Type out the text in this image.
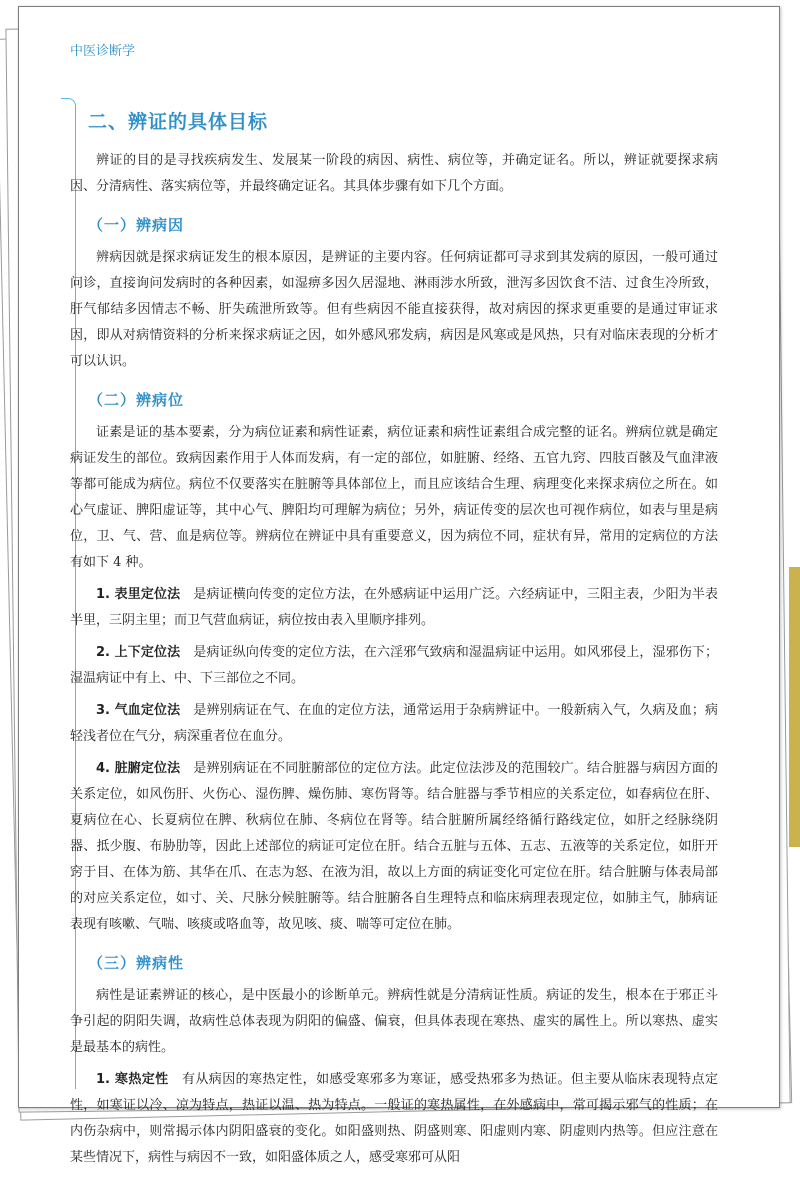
中医诊断学
二、辨证的具体目标

辨证的目的是寻找疾病发生、发展某一阶段的病因、病性、病位等，并确定证名。所以，辨证就要探求病因、分清病性、落实病位等，并最终确定证名。其具体步骤有如下几个方面。

（一）辨病因

辨病因就是探求病证发生的根本原因，是辨证的主要内容。任何病证都可寻求到其发病的原因，一般可通过问诊，直接询问发病时的各种因素，如湿痹多因久居湿地、淋雨涉水所致，泄泻多因饮食不洁、过食生冷所致，肝气郁结多因情志不畅、肝失疏泄所致等。但有些病因不能直接获得，故对病因的探求更重要的是通过审证求因，即从对病情资料的分析来探求病证之因，如外感风邪发病，病因是风寒或是风热，只有对临床表现的分析才可以认识。

（二）辨病位

证素是证的基本要素，分为病位证素和病性证素，病位证素和病性证素组合成完整的证名。辨病位就是确定病证发生的部位。致病因素作用于人体而发病，有一定的部位，如脏腑、经络、五官九窍、四肢百骸及气血津液等都可能成为病位。病位不仅要落实在脏腑等具体部位上，而且应该结合生理、病理变化来探求病位之所在。如心气虚证、脾阳虚证等，其中心气、脾阳均可理解为病位；另外，病证传变的层次也可视作病位，如表与里是病位，卫、气、营、血是病位等。辨病位在辨证中具有重要意义，因为病位不同，症状有异，常用的定病位的方法有如下 4 种。

1. 表里定位法　 是病证横向传变的定位方法，在外感病证中运用广泛。六经病证中，三阳主表，少阳为半表半里，三阴主里；而卫气营血病证，病位按由表入里顺序排列。

2. 上下定位法　 是病证纵向传变的定位方法，在六淫邪气致病和湿温病证中运用。如风邪侵上，湿邪伤下；湿温病证中有上、中、下三部位之不同。

3. 气血定位法　 是辨别病证在气、在血的定位方法，通常运用于杂病辨证中。一般新病入气，久病及血；病轻浅者位在气分，病深重者位在血分。

4. 脏腑定位法　 是辨别病证在不同脏腑部位的定位方法。此定位法涉及的范围较广。结合脏器与病因方面的关系定位，如风伤肝、火伤心、湿伤脾、燥伤肺、寒伤肾等。结合脏器与季节相应的关系定位，如春病位在肝、夏病位在心、长夏病位在脾、秋病位在肺、冬病位在肾等。结合脏腑所属经络循行路线定位，如肝之经脉绕阴器、抵少腹、布胁肋等，因此上述部位的病证可定位在肝。结合五脏与五体、五志、五液等的关系定位，如肝开窍于目、在体为筋、其华在爪、在志为怒、在液为泪，故以上方面的病证变化可定位在肝。结合脏腑与体表局部的对应关系定位，如寸、关、尺脉分候脏腑等。结合脏腑各自生理特点和临床病理表现定位，如肺主气，肺病证表现有咳嗽、气喘、咳痰或咯血等，故见咳、痰、喘等可定位在肺。

（三）辨病性

病性是证素辨证的核心，是中医最小的诊断单元。辨病性就是分清病证性质。病证的发生，根本在于邪正斗争引起的阴阳失调，故病性总体表现为阴阳的偏盛、偏衰，但具体表现在寒热、虚实的属性上。所以寒热、虚实是最基本的病性。

1. 寒热定性　 有从病因的寒热定性，如感受寒邪多为寒证，感受热邪多为热证。但主要从临床表现特点定性，如寒证以冷、凉为特点，热证以温、热为特点。一般证的寒热属性，在外感病中，常可揭示邪气的性质；在内伤杂病中，则常揭示体内阴阳盛衰的变化。如阳盛则热、阴盛则寒、阳虚则内寒、阴虚则内热等。但应注意在某些情况下，病性与病因不一致，如阳盛体质之人，感受寒邪可从阳
